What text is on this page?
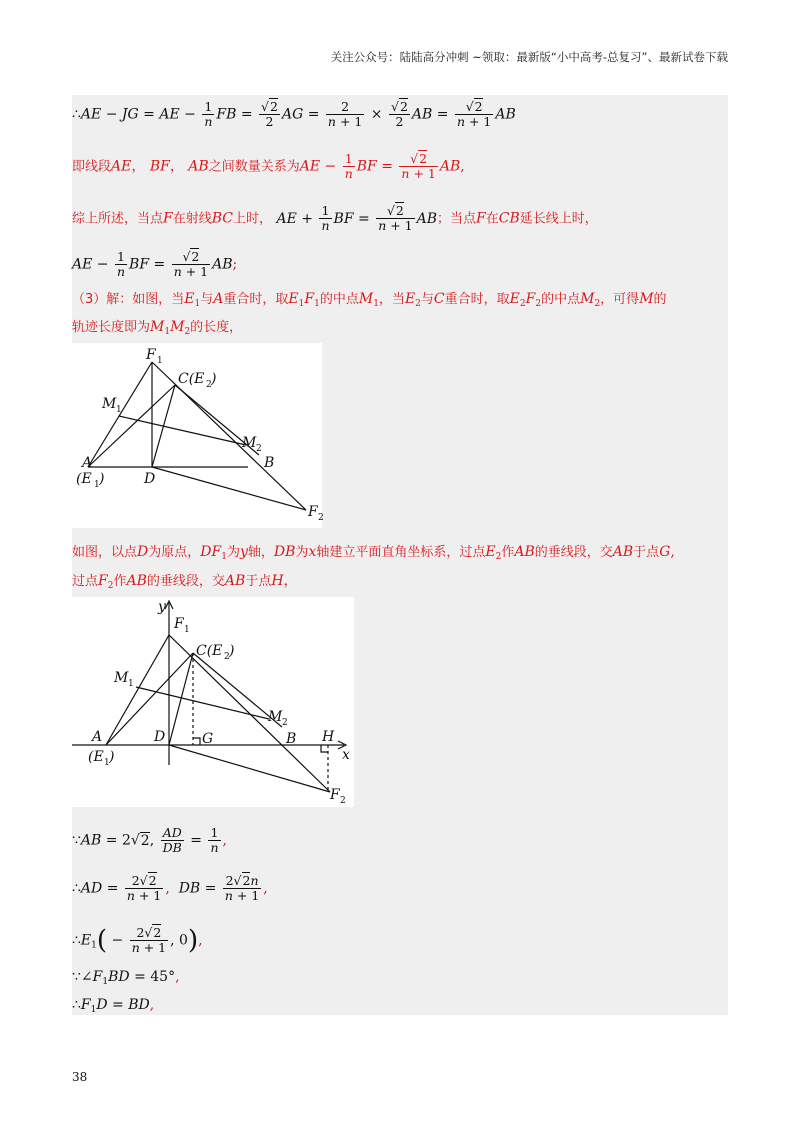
关注公众号：陆陆高分冲刺 ~领取：最新版“小中高考-总复习”、最新试卷下载
∴AE − JG = AE − $\frac{1}{n}$ FB = $\frac{√2}{2}$ AG = $\frac{2}{n + 1} \times \frac{√2}{2}$ AB = $\frac{√2}{n + 1}$ AB
即线段AE， BF， AB之间数量关系为AE − $\frac{1}{n}$ BF = $\frac{√2}{n + 1}$ AB,
综上所述，当点F在射线BC上时， AE + $\frac{1}{n}$ BF = $\frac{√2}{n + 1}$ AB；当点F在CB延长线上时，
AE − $\frac{1}{n}$ BF = $\frac{√2}{n + 1}$ AB;
（3）解：如图，当$E_1$与A重合时，取$E_1F_1$的中点$M_1$，当$E_2$与C重合时，取$E_2F_2$的中点$M_2$，可得M的
轨迹长度即为$M_1M_2$的长度，
F 1
C(E 2 )
M 1
M 2
A
(E 1 )	D
B
F 2
如图，以点D为原点，$DF_1$为y轴，DB为x轴建立平面直角坐标系，过点$E_2$作AB的垂线段，交AB于点G,
过点$F_2$作AB的垂线段，交AB于点H，
y
F 1
C(E 2 )
M 1
M 2
A
(E 1 )
D	G	B H
x
F 2
∵AB = 2√2, $\frac{AD}{DB} = \frac{1}{n}$ ,
∴AD = $\frac{2√2}{n + 1}$ , DB = $\frac{2√2n}{n + 1}$ ,
$\therefore E_1( - \frac{2√2}{n + 1}$ , 0),
$\because\angle F_1BD = 45^\circ$,
$\therefore F_1D$ = BD,
38
